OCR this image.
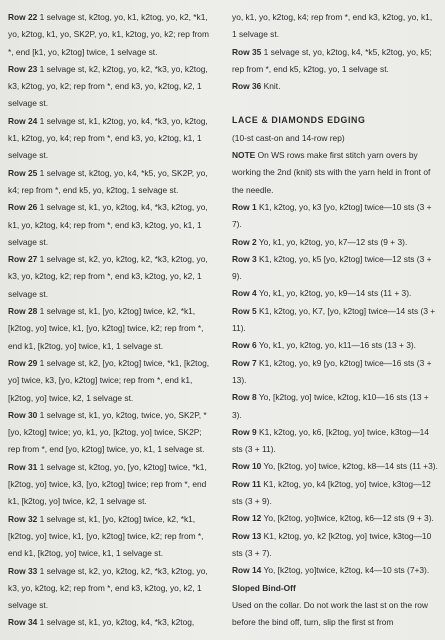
Row 22 1 selvage st, k2tog, yo, k1, k2tog, yo, k2, *k1, yo, k2tog, k1, yo, SK2P, yo, k1, k2tog, yo, k2; rep from *, end [k1, yo, k2tog] twice, 1 selvage st.

Row 23 1 selvage st, k2, k2tog, yo, k2, *k3, yo, k2tog, k3, k2tog, yo, k2; rep from *, end k3, yo, k2tog, k2, 1 selvage st.

Row 24 1 selvage st, k1, k2tog, yo, k4, *k3, yo, k2tog, k1, k2tog, yo, k4; rep from *, end k3, yo, k2tog, k1, 1 selvage st.

Row 25 1 selvage st, k2tog, yo, k4, *k5, yo, SK2P, yo, k4; rep from *, end k5, yo, k2tog, 1 selvage st.

Row 26 1 selvage st, k1, yo, k2tog, k4, *k3, k2tog, yo, k1, yo, k2tog, k4; rep from *, end k3, k2tog, yo, k1, 1 selvage st.

Row 27 1 selvage st, k2, yo, k2tog, k2, *k3, k2tog, yo, k3, yo, k2tog, k2; rep from *, end k3, k2tog, yo, k2, 1 selvage st.

Row 28 1 selvage st, k1, [yo, k2tog] twice, k2, *k1, [k2tog, yo] twice, k1, [yo, k2tog] twice, k2; rep from *, end k1, [k2tog, yo] twice, k1, 1 selvage st.

Row 29 1 selvage st, k2, [yo, k2tog] twice, *k1, [k2tog, yo] twice, k3, [yo, k2tog] twice; rep from *, end k1, [k2tog, yo] twice, k2, 1 selvage st.

Row 30 1 selvage st, k1, yo, k2tog, twice, yo, SK2P, *[yo, k2tog] twice; yo, k1, yo, [k2tog, yo] twice, SK2P; rep from *, end [yo, k2tog] twice, yo, k1, 1 selvage st.

Row 31 1 selvage st, k2tog, yo, [yo, k2tog] twice, *k1, [k2tog, yo] twice, k3, [yo, k2tog] twice; rep from *, end k1, [k2tog, yo] twice, k2, 1 selvage st.

Row 32 1 selvage st, k1, [yo, k2tog] twice, k2, *k1, [k2tog, yo] twice, k1, [yo, k2tog] twice, k2; rep from *, end k1, [k2tog, yo] twice, k1, 1 selvage st.

Row 33 1 selvage st, k2, yo, k2tog, k2, *k3, k2tog, yo, k3, yo, k2tog, k2; rep from *, end k3, k2tog, yo, k2, 1 selvage st.

Row 34 1 selvage st, k1, yo, k2tog, k4, *k3, k2tog,

yo, k1, yo, k2tog, k4; rep from *, end k3, k2tog, yo, k1, 1 selvage st.

Row 35 1 selvage st, yo, k2tog, k4, *k5, k2tog, yo, k5; rep from *, end k5, k2tog, yo, 1 selvage st.

Row 36 Knit.

LACE & DIAMONDS EDGING

(10-st cast-on and 14-row rep)

NOTE On WS rows make first stitch yarn overs by working the 2nd (knit) sts with the yarn held in front of the needle.

Row 1 K1, k2tog, yo, k3 [yo, k2tog] twice—10 sts (3 + 7).

Row 2 Yo, k1, yo, k2tog, yo, k7—12 sts (9 + 3).

Row 3 K1, k2tog, yo, k5 [yo, k2tog] twice—12 sts (3 + 9).

Row 4 Yo, k1, yo, k2tog, yo, k9—14 sts (11 + 3).

Row 5 K1, k2tog, yo, K7, [yo, k2tog] twice—14 sts (3 + 11).

Row 6 Yo, k1, yo, k2tog, yo, k11—16 sts (13 + 3).

Row 7 K1, k2tog, yo, k9 [yo, k2tog] twice—16 sts (3 + 13).

Row 8 Yo, [k2tog, yo] twice, k2tog, k10—16 sts (13 + 3).

Row 9 K1, k2tog, yo, k6, [k2tog, yo] twice, k3tog—14 sts (3 + 11).

Row 10 Yo, [k2tog, yo] twice, k2tog, k8—14 sts (11 +3).

Row 11 K1, k2tog, yo, k4 [k2tog, yo] twice, k3tog—12 sts (3 + 9).

Row 12 Yo, [k2tog, yo]twice, k2tog, k6—12 sts (9 + 3).

Row 13 K1, k2tog, yo, k2 [k2tog, yo] twice, k3tog—10 sts (3 + 7).

Row 14 Yo, [k2tog, yo]twice, k2tog, k4—10 sts (7+3).

Sloped Bind-Off

Used on the collar. Do not work the last st on the row before the bind off, turn, slip the first st from
